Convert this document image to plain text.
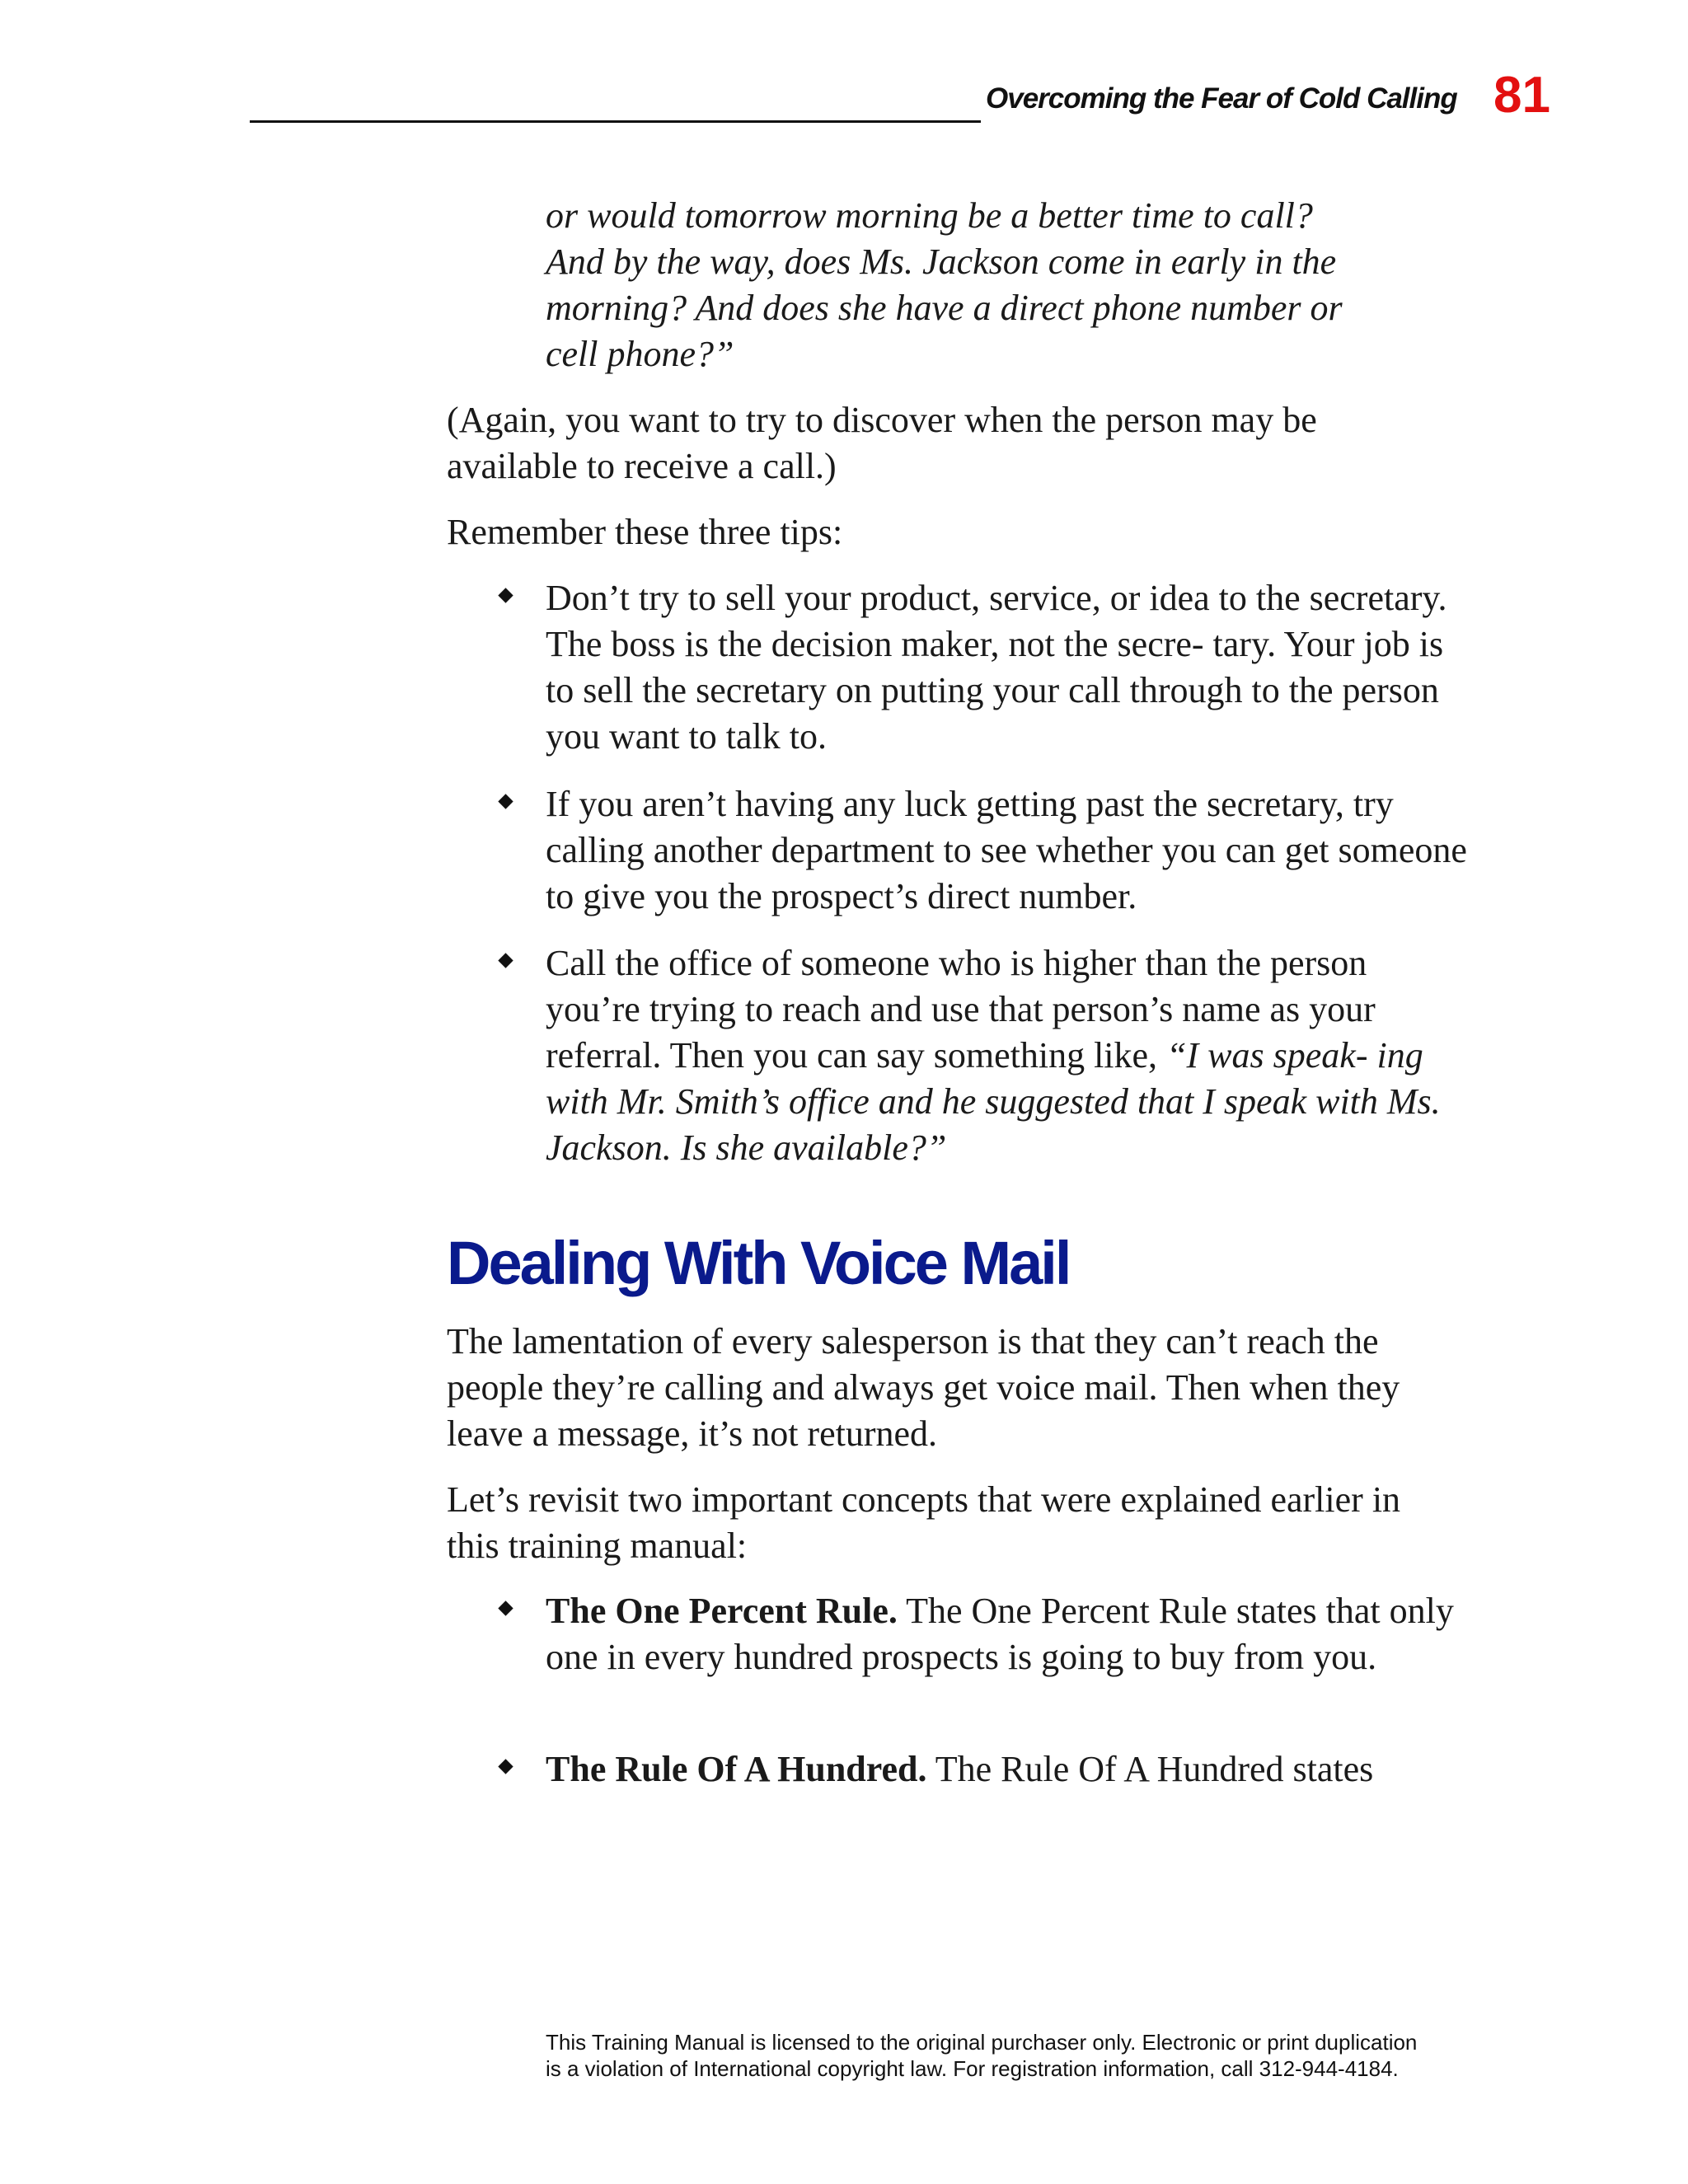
Overcoming the Fear of Cold Calling 81

or would tomorrow morning be a better time to call?
And by the way, does Ms. Jackson come in early in the
morning? And does she have a direct phone number or
cell phone?”

(Again, you want to try to discover when the person may be available to receive a call.)

Remember these three tips:

Don’t try to sell your product, service, or idea to the secretary. The boss is the decision maker, not the secre- tary. Your job is to sell the secretary on putting your call through to the person you want to talk to.

If you aren’t having any luck getting past the secretary, try calling another department to see whether you can get someone to give you the prospect’s direct number.

Call the office of someone who is higher than the person you’re trying to reach and use that person’s name as your referral. Then you can say something like, “I was speak- ing with Mr. Smith’s office and he suggested that I speak with Ms. Jackson. Is she available?”

Dealing With Voice Mail

The lamentation of every salesperson is that they can’t reach the people they’re calling and always get voice mail. Then when they leave a message, it’s not returned.

Let’s revisit two important concepts that were explained earlier in this training manual:

The One Percent Rule. The One Percent Rule states that only one in every hundred prospects is going to buy from you.

The Rule Of A Hundred. The Rule Of A Hundred states

This Training Manual is licensed to the original purchaser only. Electronic or print duplication
is a violation of International copyright law. For registration information, call 312-944-4184.
